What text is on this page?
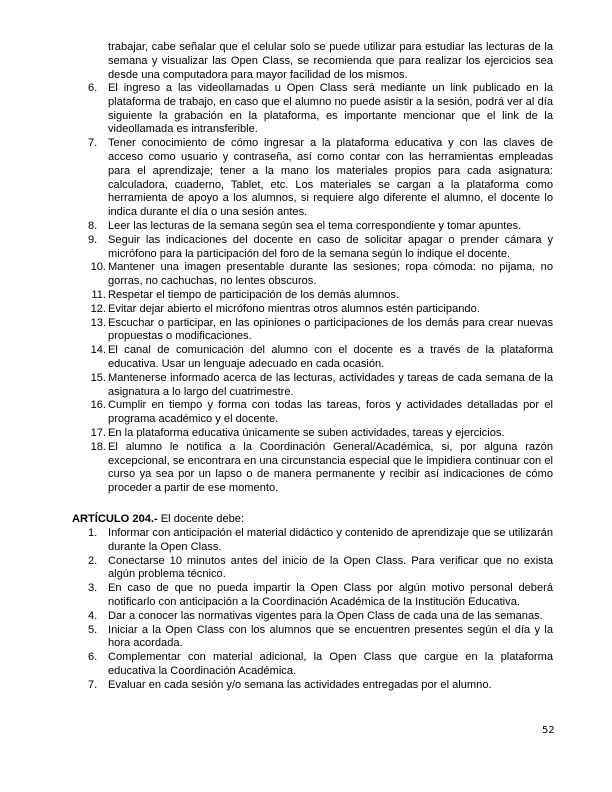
trabajar, cabe señalar que el celular solo se puede utilizar para estudiar las lecturas de la semana y visualizar las Open Class, se recomienda que para realizar los ejercicios sea desde una computadora para mayor facilidad de los mismos.
6. El ingreso a las videollamadas u Open Class será mediante un link publicado en la plataforma de trabajo, en caso que el alumno no puede asistir a la sesión, podrá ver al día siguiente la grabación en la plataforma, es importante mencionar que el link de la videollamada es intransferible.
7. Tener conocimiento de cómo ingresar a la plataforma educativa y con las claves de acceso como usuario y contraseña, así como contar con las herramientas empleadas para el aprendizaje; tener a la mano los materiales propios para cada asignatura: calculadora, cuaderno, Tablet, etc. Los materiales se cargan a la plataforma como herramienta de apoyo a los alumnos, si requiere algo diferente el alumno, el docente lo indica durante el día o una sesión antes.
8. Leer las lecturas de la semana según sea el tema correspondiente y tomar apuntes.
9. Seguir las indicaciones del docente en caso de solicitar apagar o prender cámara y micrófono para la participación del foro de la semana según lo indique el docente.
10. Mantener una imagen presentable durante las sesiones; ropa cómoda: no pijama, no gorras, no cachuchas, no lentes obscuros.
11. Respetar el tiempo de participación de los demás alumnos.
12. Evitar dejar abierto el micrófono mientras otros alumnos estén participando.
13. Escuchar o participar, en las opiniones o participaciones de los demás para crear nuevas propuestas o modificaciones.
14. El canal de comunicación del alumno con el docente es a través de la plataforma educativa. Usar un lenguaje adecuado en cada ocasión.
15. Mantenerse informado acerca de las lecturas, actividades y tareas de cada semana de la asignatura a lo largo del cuatrimestre.
16. Cumplir en tiempo y forma con todas las tareas, foros y actividades detalladas por el programa académico y el docente.
17. En la plataforma educativa únicamente se suben actividades, tareas y ejercicios.
18. El alumno le notifica a la Coordinación General/Académica, si, por alguna razón excepcional, se encontrara en una circunstancia especial que le impidiera continuar con el curso ya sea por un lapso o de manera permanente y recibir así indicaciones de cómo proceder a partir de ese momento.
ARTÍCULO 204.- El docente debe:
1. Informar con anticipación el material didáctico y contenido de aprendizaje que se utilizarán durante la Open Class.
2. Conectarse 10 minutos antes del inicio de la Open Class. Para verificar que no exista algún problema técnico.
3. En caso de que no pueda impartir la Open Class por algún motivo personal deberá notificarlo con anticipación a la Coordinación Académica de la Institución Educativa.
4. Dar a conocer las normativas vigentes para la Open Class de cada una de las semanas.
5. Iniciar a la Open Class con los alumnos que se encuentren presentes según el día y la hora acordada.
6. Complementar con material adicional, la Open Class que cargue en la plataforma educativa la Coordinación Académica.
7. Evaluar en cada sesión y/o semana las actividades entregadas por el alumno.
52
